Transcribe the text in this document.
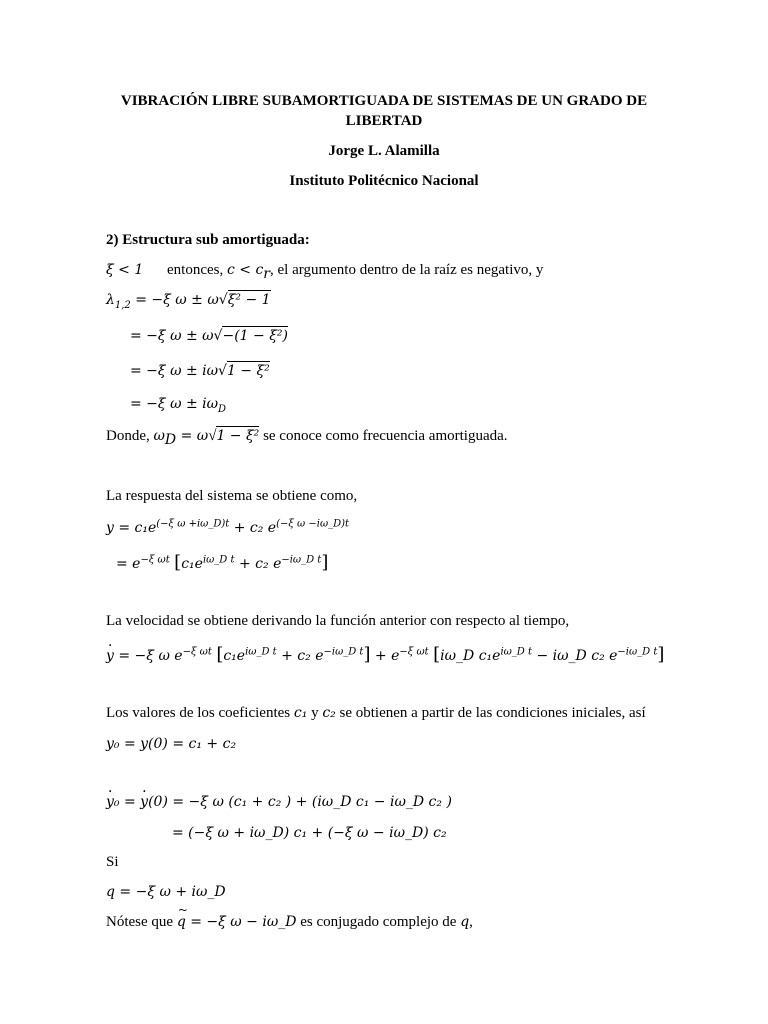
VIBRACIÓN LIBRE SUBAMORTIGUADA DE SISTEMAS DE UN GRADO DE
LIBERTAD
Jorge L. Alamilla
Instituto Politécnico Nacional
2) Estructura sub amortiguada:
ξ < 1 entonces, $c < c_r$, el argumento dentro de la raíz es negativo, y
$\lambda_{1,2} = -\xi$ ω ± ω√ξ² − 1
= −ξ ω ± ω√−(1 − ξ²)
= −ξ ω ± iω√1 − ξ²
= −ξ $\omega \pm i\omega_D$
Donde, $\omega_D = \omega√1 - \xi^2$ se conoce como frecuencia amortiguada.
La respuesta del sistema se obtiene como,
$y = c_1e^{(-\xi \omega +i\omega\_D)t} + c_2$ $e^{(-\xi \omega -i\omega\_D)t}$
= $e^{-\xi \omega t}$ [$c_1e^{i\omega\_D t} + c_2$ $e^{-i\omega\_D t}$]
La velocidad se obtiene derivando la función anterior con respecto al tiempo,
· y = −ξ ω $e^{-\xi \omega t}$ [$c_1e^{i\omega\_D t} + c_2$ $e^{-i\omega\_D t}] + e^{-\xi \omega t}$ [iω_D $c_1e^{i\omega\_D t}$ − iω_D c₂ $e^{-i\omega\_D t}$]
Los valores de los coeficientes c₁ y c₂ se obtienen a partir de las condiciones iniciales, así
y₀ = y(0) = c₁ + c₂
· y₀ = · y(0) = −ξ ω (c₁ + c₂ ) + (iω_D c₁ − iω_D c₂ )
= (−ξ ω + iω_D) c₁ + (−ξ ω − iω_D) c₂
Si
q = −ξ ω + iω_D
Nótese que ~ q = −ξ ω − iω_D es conjugado complejo de q,
